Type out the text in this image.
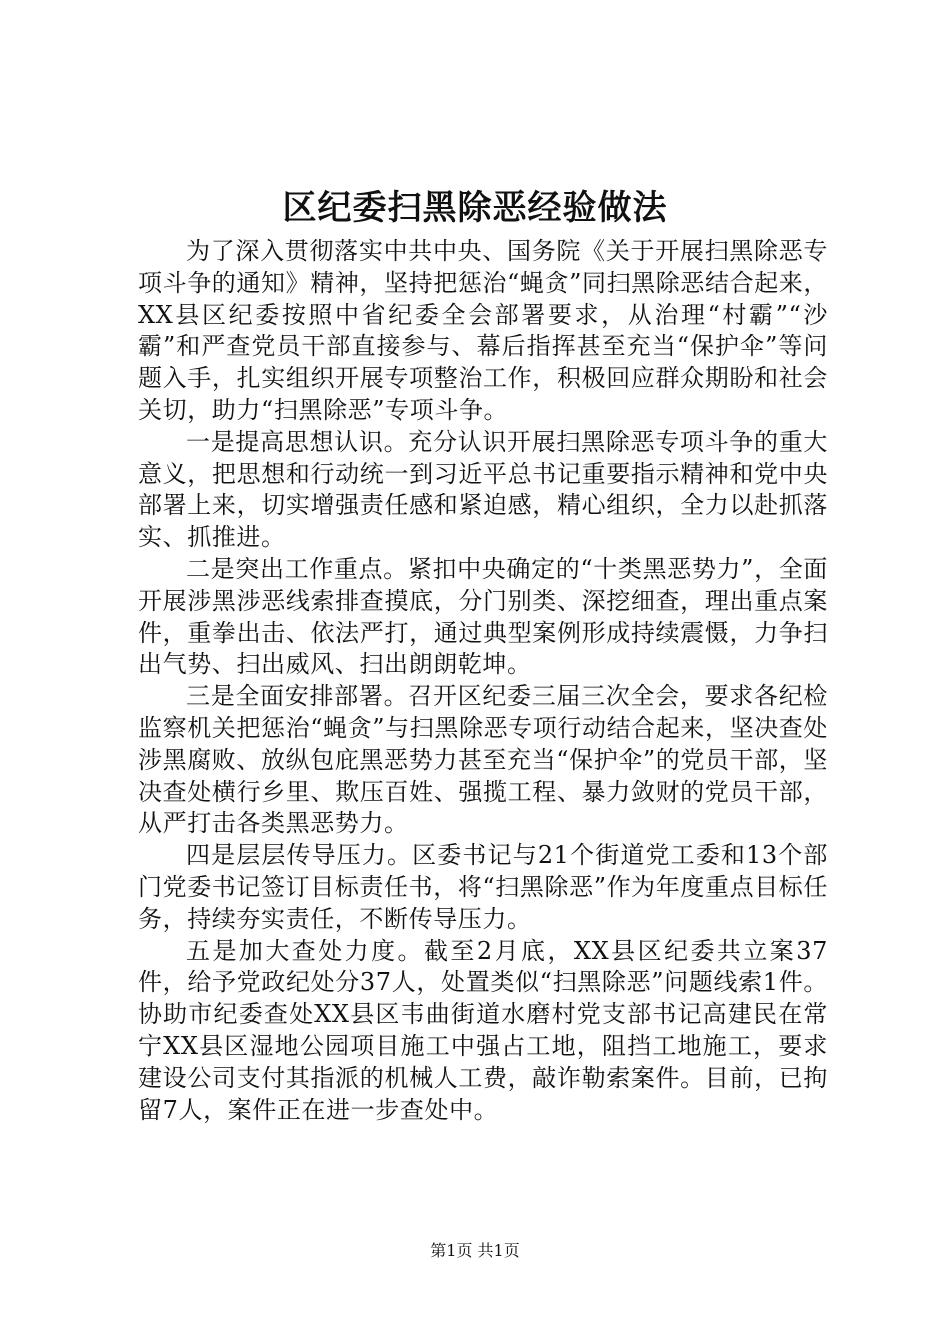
区纪委扫黑除恶经验做法

为了深入贯彻落实中共中央、国务院《关于开展扫黑除恶专项斗争的通知》精神，坚持把惩治“蝇贪”同扫黑除恶结合起来，XX县区纪委按照中省纪委全会部署要求，从治理“村霸”“沙霸”和严查党员干部直接参与、幕后指挥甚至充当“保护伞”等问题入手，扎实组织开展专项整治工作，积极回应群众期盼和社会关切，助力“扫黑除恶”专项斗争。

一是提高思想认识。充分认识开展扫黑除恶专项斗争的重大意义，把思想和行动统一到习近平总书记重要指示精神和党中央部署上来，切实增强责任感和紧迫感，精心组织，全力以赴抓落实、抓推进。

二是突出工作重点。紧扣中央确定的“十类黑恶势力”，全面开展涉黑涉恶线索排查摸底，分门别类、深挖细查，理出重点案件，重拳出击、依法严打，通过典型案例形成持续震慑，力争扫出气势、扫出威风、扫出朗朗乾坤。

三是全面安排部署。召开区纪委三届三次全会，要求各纪检监察机关把惩治“蝇贪”与扫黑除恶专项行动结合起来，坚决查处涉黑腐败、放纵包庇黑恶势力甚至充当“保护伞”的党员干部，坚决查处横行乡里、欺压百姓、强揽工程、暴力敛财的党员干部，从严打击各类黑恶势力。

四是层层传导压力。区委书记与21个街道党工委和13个部门党委书记签订目标责任书，将“扫黑除恶”作为年度重点目标任务，持续夯实责任，不断传导压力。

五是加大查处力度。截至2月底，XX县区纪委共立案37件，给予党政纪处分37人，处置类似“扫黑除恶”问题线索1件。协助市纪委查处XX县区韦曲街道水磨村党支部书记高建民在常宁XX县区湿地公园项目施工中强占工地，阻挡工地施工，要求建设公司支付其指派的机械人工费，敲诈勒索案件。目前，已拘留7人，案件正在进一步查处中。

第1页 共1页
